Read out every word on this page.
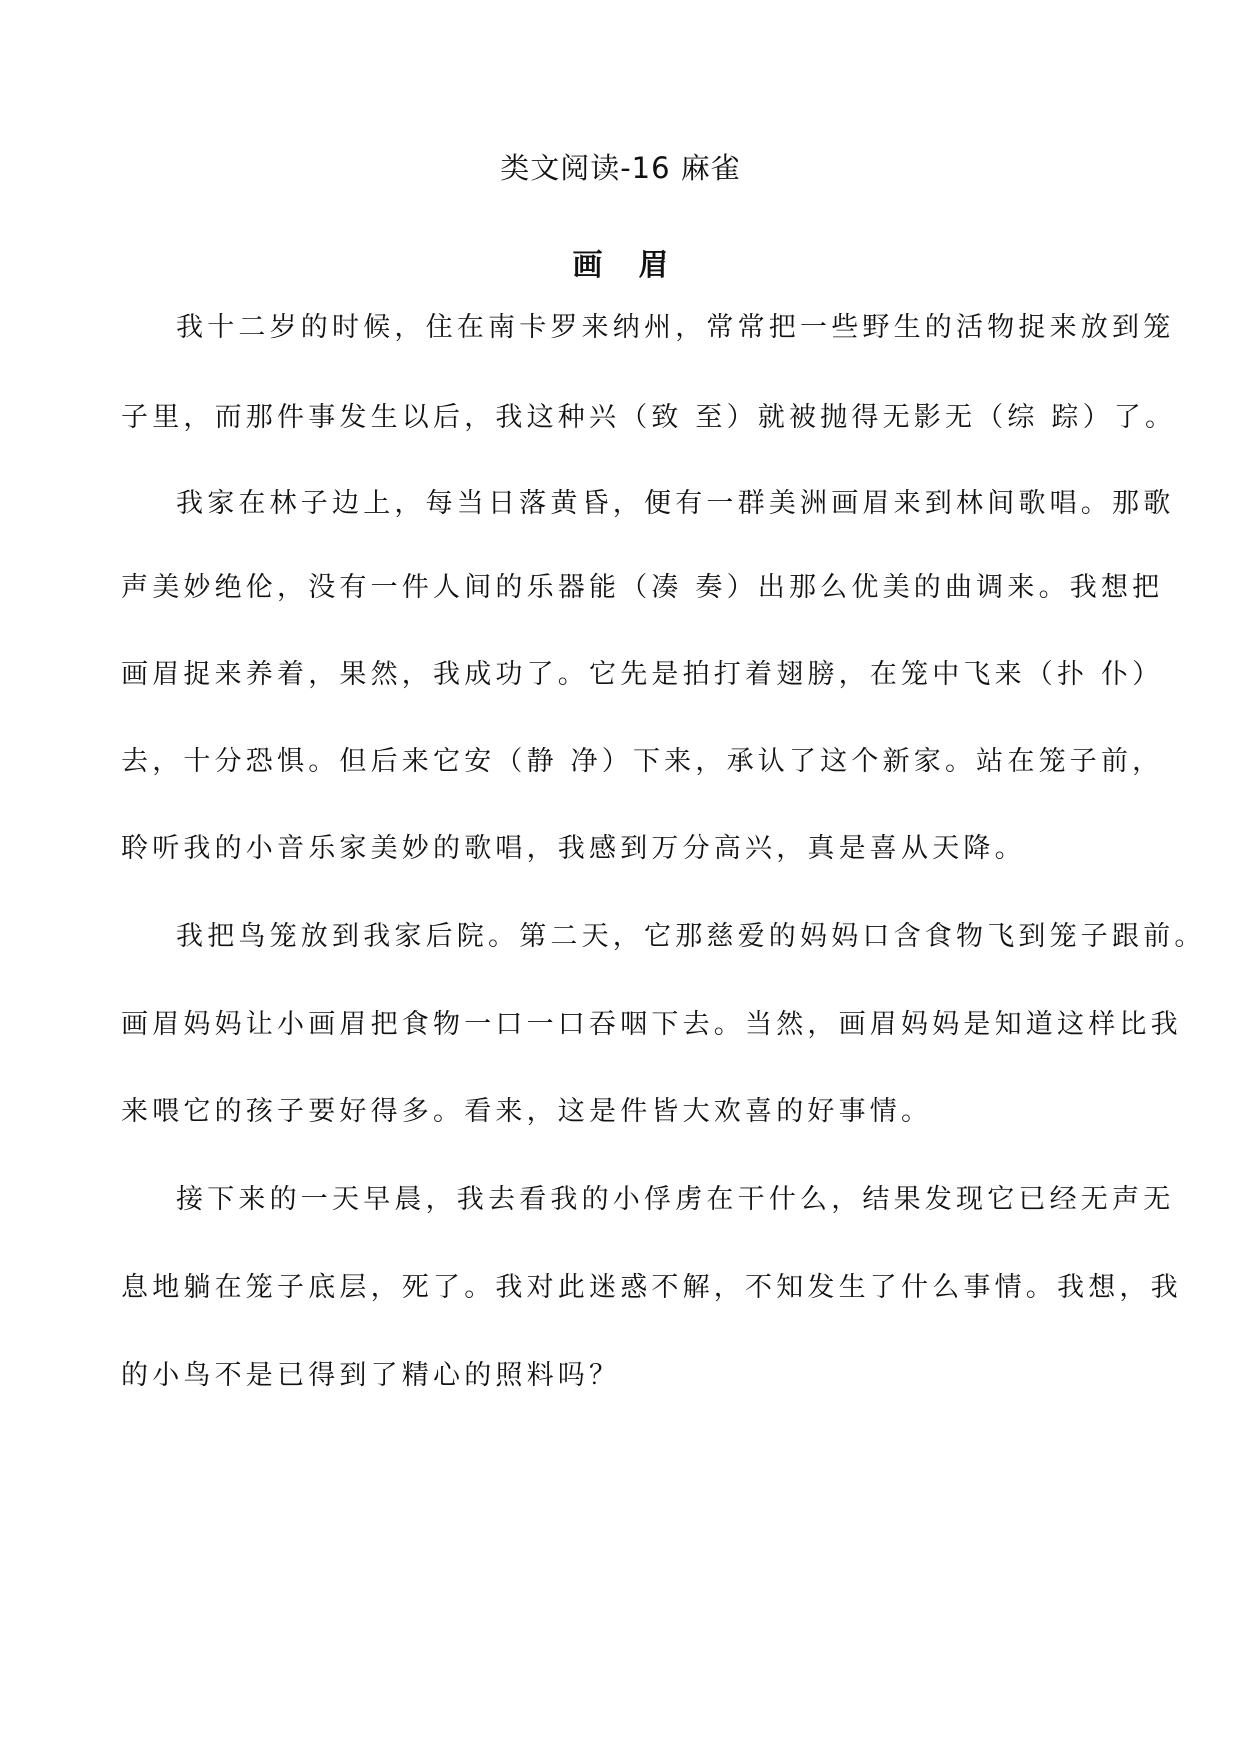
类文阅读-16 麻雀
画眉
我十二岁的时候，住在南卡罗来纳州，常常把一些野生的活物捉来放到笼
子里，而那件事发生以后，我这种兴（致 至）就被抛得无影无（综 踪）了。
我家在林子边上，每当日落黄昏，便有一群美洲画眉来到林间歌唱。那歌
声美妙绝伦，没有一件人间的乐器能（凑 奏）出那么优美的曲调来。我想把
画眉捉来养着，果然，我成功了。它先是拍打着翅膀，在笼中飞来（扑 仆）
去，十分恐惧。但后来它安（静 净）下来，承认了这个新家。站在笼子前，
聆听我的小音乐家美妙的歌唱，我感到万分高兴，真是喜从天降。
我把鸟笼放到我家后院。第二天，它那慈爱的妈妈口含食物飞到笼子跟前。
画眉妈妈让小画眉把食物一口一口吞咽下去。当然，画眉妈妈是知道这样比我
来喂它的孩子要好得多。看来，这是件皆大欢喜的好事情。
接下来的一天早晨，我去看我的小俘虏在干什么，结果发现它已经无声无
息地躺在笼子底层，死了。我对此迷惑不解，不知发生了什么事情。我想，我
的小鸟不是已得到了精心的照料吗？
